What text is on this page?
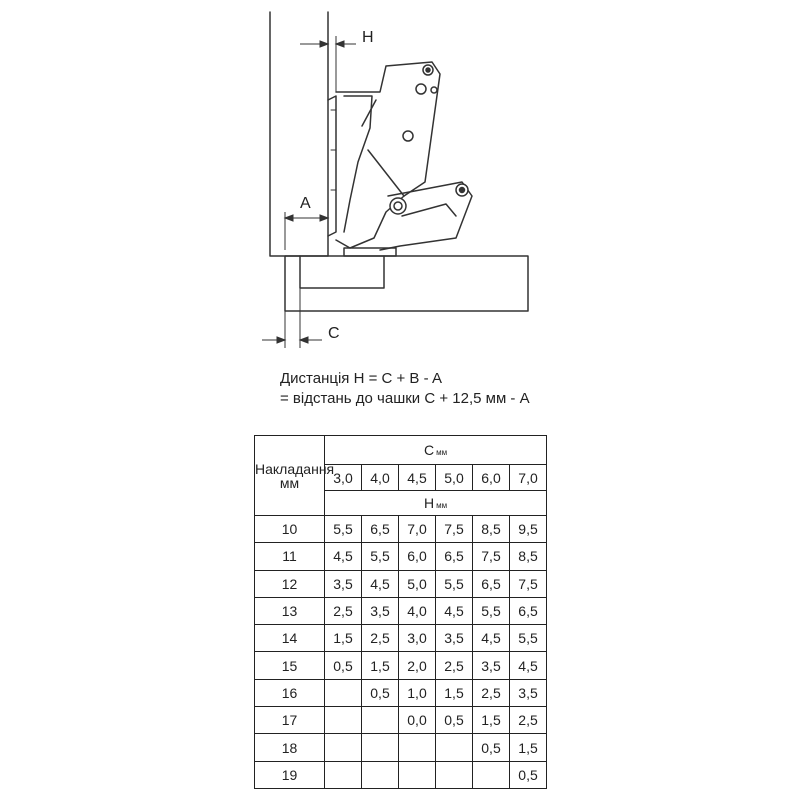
H
A
C
Дистанція H = C + B - A
= відстань до чашки C + 12,5 мм - A
Накладання мм	C мм					
	3,0	4,0	4,5	5,0	6,0	7,0
	H мм					
10	5,5	6,5	7,0	7,5	8,5	9,5
11	4,5	5,5	6,0	6,5	7,5	8,5
12	3,5	4,5	5,0	5,5	6,5	7,5
13	2,5	3,5	4,0	4,5	5,5	6,5
14	1,5	2,5	3,0	3,5	4,5	5,5
15	0,5	1,5	2,0	2,5	3,5	4,5
16		0,5	1,0	1,5	2,5	3,5
17			0,0	0,5	1,5	2,5
18					0,5	1,5
19						0,5
